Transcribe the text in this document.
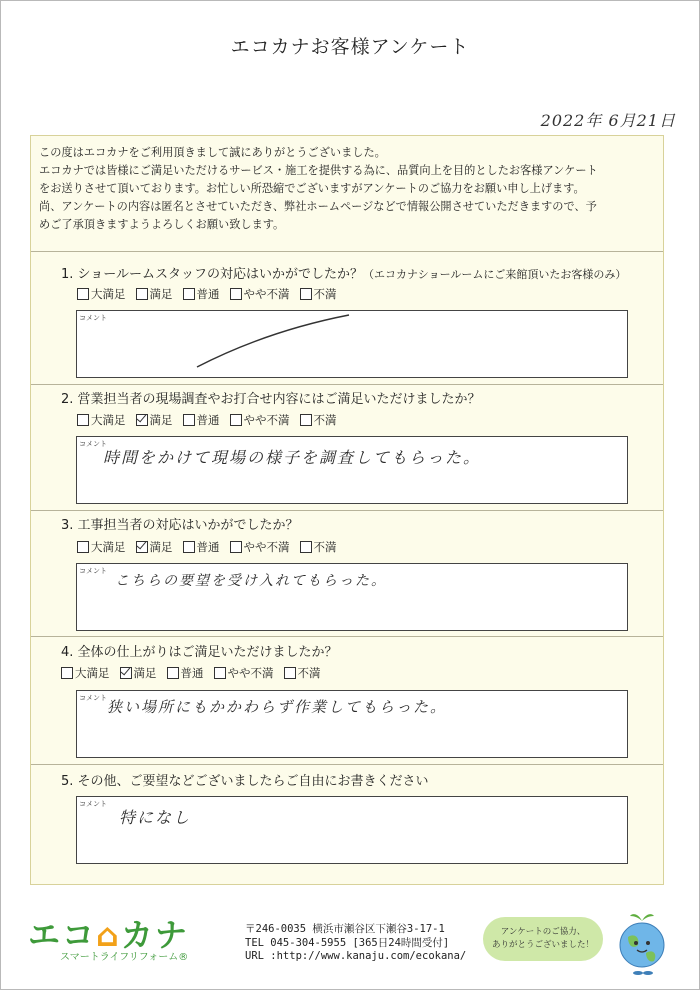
エコカナお客様アンケート
2022年 6月21日

この度はエコカナをご利用頂きまして誠にありがとうございました。

エコカナでは皆様にご満足いただけるサービス・施工を提供する為に、品質向上を目的としたお客様アンケート

をお送りさせて頂いております。お忙しい所恐縮でございますがアンケートのご協力をお願い申し上げます。

尚、アンケートの内容は匿名とさせていただき、弊社ホームページなどで情報公開させていただきますので、予

めご了承頂きますようよろしくお願い致します。

1. ショールームスタッフの対応はいかがでしたか？（エコカナショールームにご来館頂いたお客様のみ）
大満足 満足 普通 やや不満 不満
コメント
2. 営業担当者の現場調査やお打合せ内容にはご満足いただけましたか？
大満足 満足 普通 やや不満 不満
コメント
時間をかけて現場の様子を調査してもらった。
3. 工事担当者の対応はいかがでしたか？
大満足 満足 普通 やや不満 不満
コメント
こちらの要望を受け入れてもらった。
4. 全体の仕上がりはご満足いただけましたか？
大満足 満足 普通 やや不満 不満
コメント 狭い場所にもかかわらず作業してもらった。
5. その他、ご要望などございましたらご自由にお書きください
コメント
特になし
エコ⌂カナ
スマートライフリフォーム®
〒246-0035 横浜市瀬谷区下瀬谷3-17-1
TEL 045-304-5955 [365日24時間受付]
URL :http://www.kanaju.com/ecokana/
アンケートのご協力、
ありがとうございました！
